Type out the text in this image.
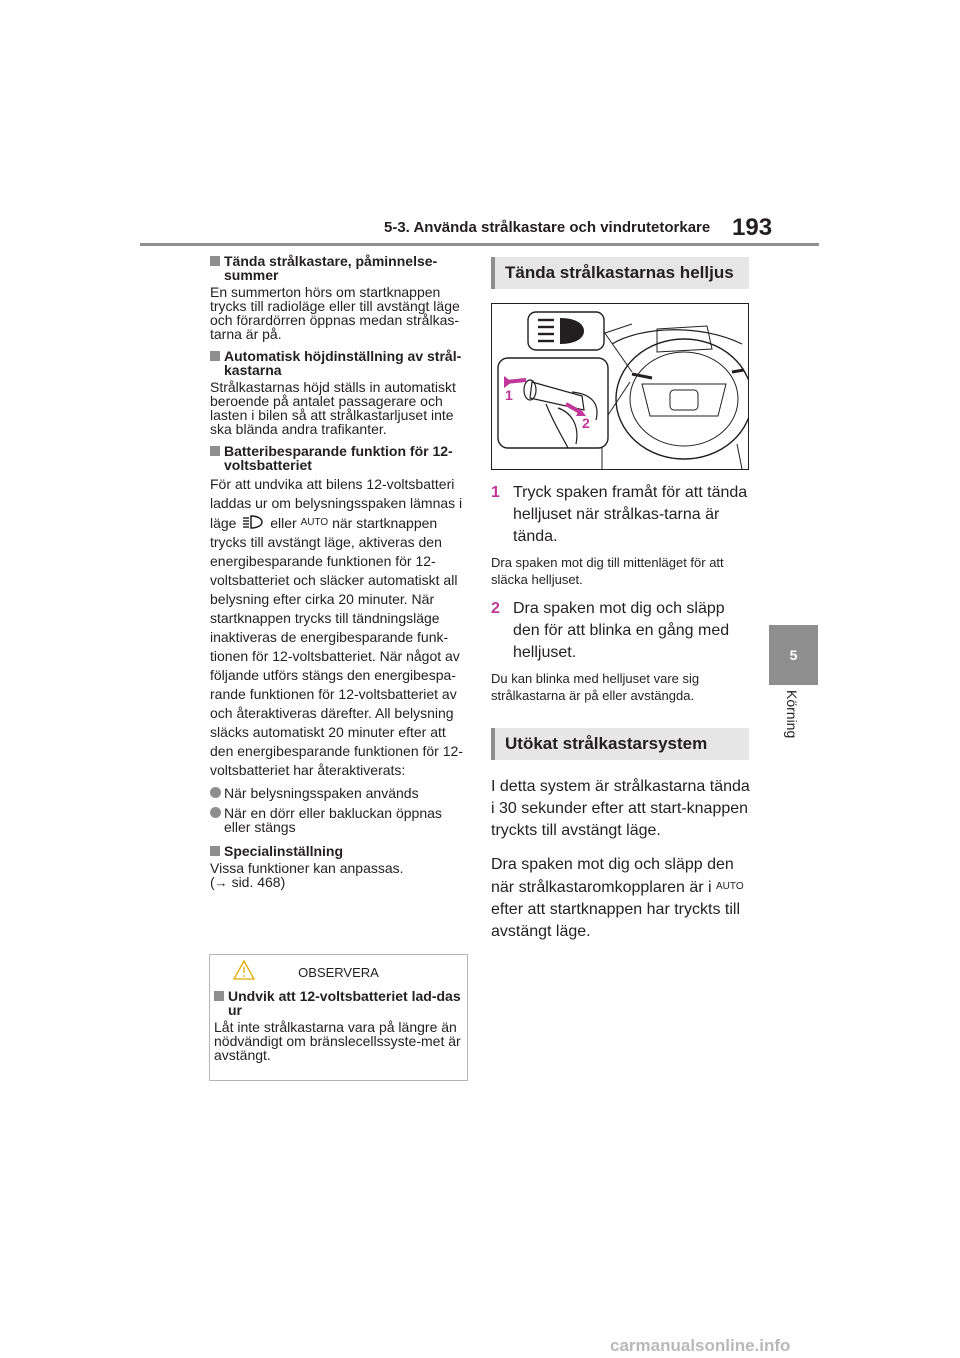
5-3. Använda strålkastare och vindrutetorkare 193
5
Körning

Tända strålkastare, påminnelse-summer

En summerton hörs om startknappen trycks till radioläge eller till avstängt läge och förardörren öppnas medan strålkas-tarna är på.

Automatisk höjdinställning av strål-kastarna

Strålkastarnas höjd ställs in automatiskt beroende på antalet passagerare och lasten i bilen så att strålkastarljuset inte ska blända andra trafikanter.

Batteribesparande funktion för 12-voltsbatteriet

För att undvika att bilens 12-voltsbatteri laddas ur om belysningsspaken lämnas i läge eller AUTO när startknappen trycks till avstängt läge, aktiveras den energibesparande funktionen för 12-voltsbatteriet och släcker automatiskt all belysning efter cirka 20 minuter. När startknappen trycks till tändningsläge inaktiveras de energibesparande funk-tionen för 12-voltsbatteriet. När något av följande utförs stängs den energibespa-rande funktionen för 12-voltsbatteriet av och återaktiveras därefter. All belysning släcks automatiskt 20 minuter efter att den energibesparande funktionen för 12-voltsbatteriet har återaktiverats:

När belysningsspaken används

När en dörr eller bakluckan öppnas eller stängs

Specialinställning

Vissa funktioner kan anpassas.
(→ sid. 468)

OBSERVERA

Undvik att 12-voltsbatteriet lad-das ur

Låt inte strålkastarna vara på längre än nödvändigt om bränslecellssyste-met är avstängt.

Tända strålkastarnas helljus
1
2

1 Tryck spaken framåt för att tända helljuset när strålkas-tarna är tända.

Dra spaken mot dig till mittenläget för att släcka helljuset.

2 Dra spaken mot dig och släpp den för att blinka en gång med helljuset.

Du kan blinka med helljuset vare sig strålkastarna är på eller avstängda.

Utökat strålkastarsystem

I detta system är strålkastarna tända i 30 sekunder efter att start-knappen tryckts till avstängt läge.

Dra spaken mot dig och släpp den när strålkastaromkopplaren är i AUTO efter att startknappen har tryckts till avstängt läge.

carmanualsonline.info
